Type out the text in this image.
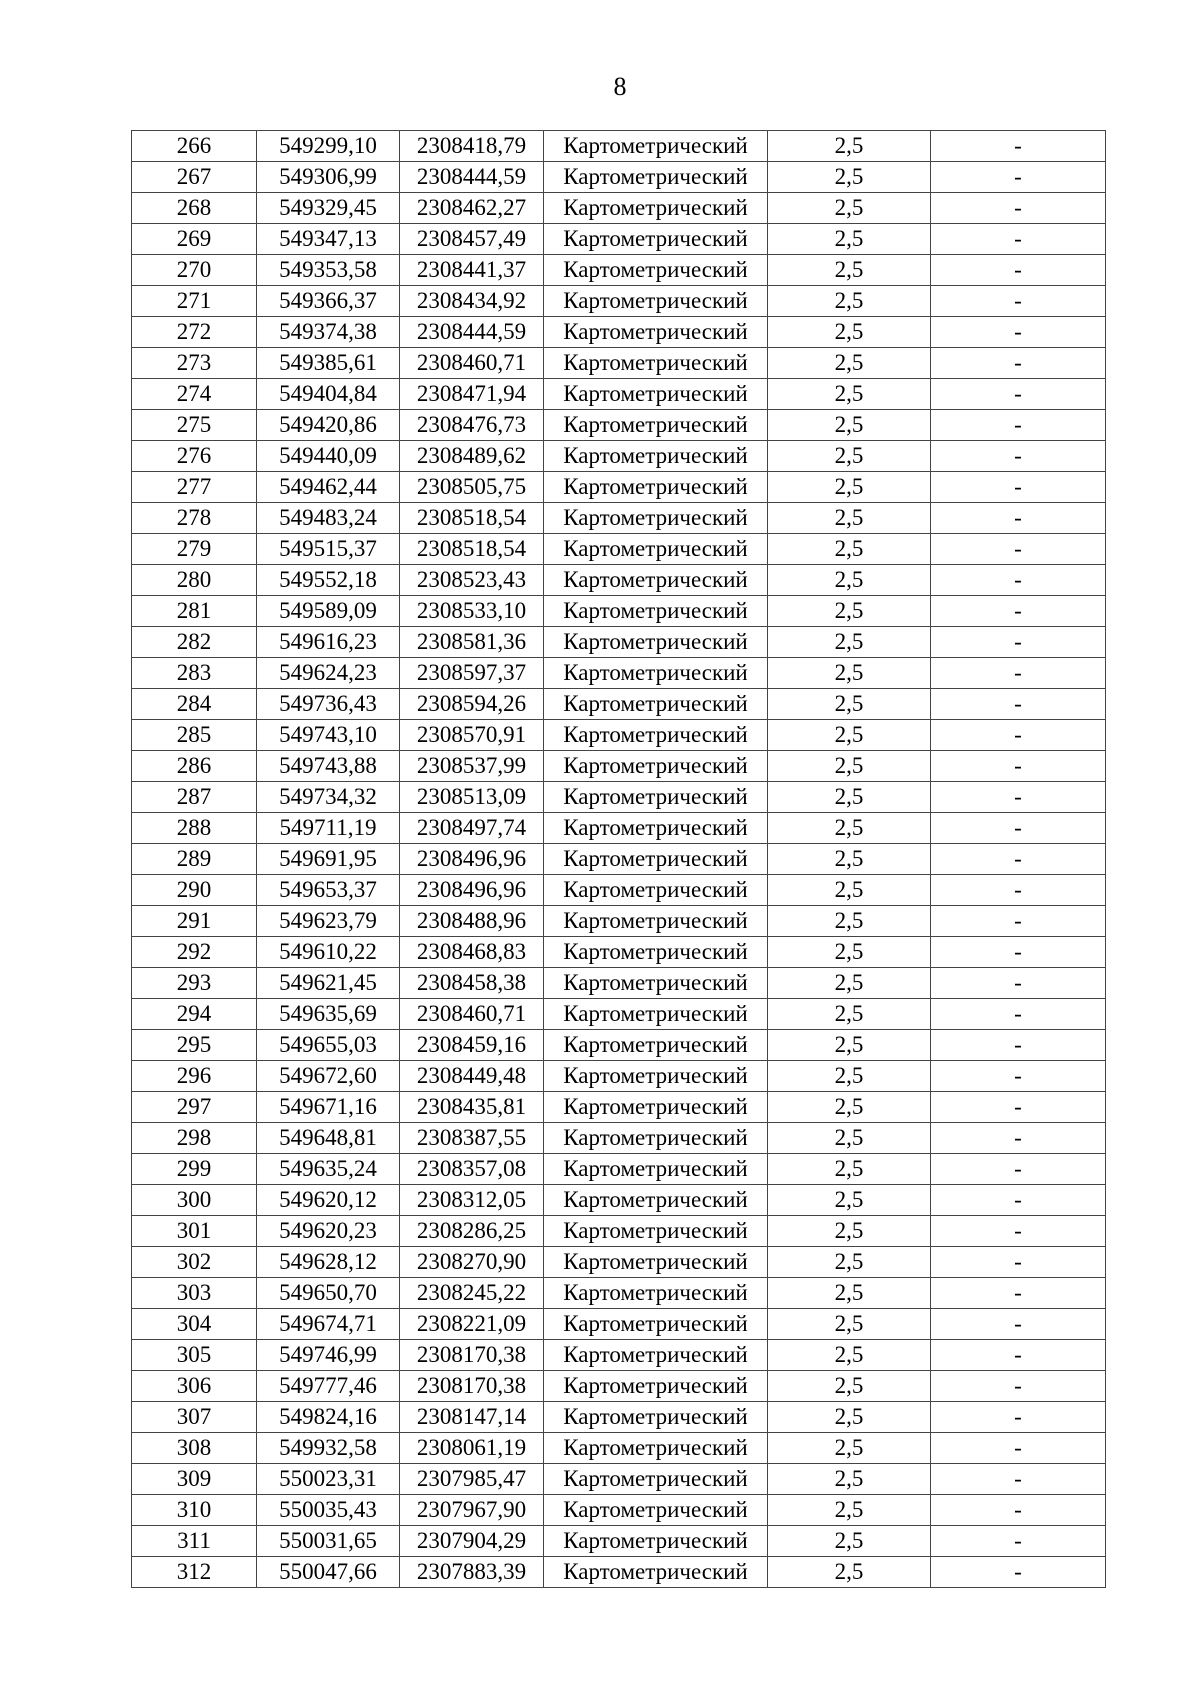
8
266	549299,10	2308418,79	Картометрический	2,5	-
267	549306,99	2308444,59	Картометрический	2,5	-
268	549329,45	2308462,27	Картометрический	2,5	-
269	549347,13	2308457,49	Картометрический	2,5	-
270	549353,58	2308441,37	Картометрический	2,5	-
271	549366,37	2308434,92	Картометрический	2,5	-
272	549374,38	2308444,59	Картометрический	2,5	-
273	549385,61	2308460,71	Картометрический	2,5	-
274	549404,84	2308471,94	Картометрический	2,5	-
275	549420,86	2308476,73	Картометрический	2,5	-
276	549440,09	2308489,62	Картометрический	2,5	-
277	549462,44	2308505,75	Картометрический	2,5	-
278	549483,24	2308518,54	Картометрический	2,5	-
279	549515,37	2308518,54	Картометрический	2,5	-
280	549552,18	2308523,43	Картометрический	2,5	-
281	549589,09	2308533,10	Картометрический	2,5	-
282	549616,23	2308581,36	Картометрический	2,5	-
283	549624,23	2308597,37	Картометрический	2,5	-
284	549736,43	2308594,26	Картометрический	2,5	-
285	549743,10	2308570,91	Картометрический	2,5	-
286	549743,88	2308537,99	Картометрический	2,5	-
287	549734,32	2308513,09	Картометрический	2,5	-
288	549711,19	2308497,74	Картометрический	2,5	-
289	549691,95	2308496,96	Картометрический	2,5	-
290	549653,37	2308496,96	Картометрический	2,5	-
291	549623,79	2308488,96	Картометрический	2,5	-
292	549610,22	2308468,83	Картометрический	2,5	-
293	549621,45	2308458,38	Картометрический	2,5	-
294	549635,69	2308460,71	Картометрический	2,5	-
295	549655,03	2308459,16	Картометрический	2,5	-
296	549672,60	2308449,48	Картометрический	2,5	-
297	549671,16	2308435,81	Картометрический	2,5	-
298	549648,81	2308387,55	Картометрический	2,5	-
299	549635,24	2308357,08	Картометрический	2,5	-
300	549620,12	2308312,05	Картометрический	2,5	-
301	549620,23	2308286,25	Картометрический	2,5	-
302	549628,12	2308270,90	Картометрический	2,5	-
303	549650,70	2308245,22	Картометрический	2,5	-
304	549674,71	2308221,09	Картометрический	2,5	-
305	549746,99	2308170,38	Картометрический	2,5	-
306	549777,46	2308170,38	Картометрический	2,5	-
307	549824,16	2308147,14	Картометрический	2,5	-
308	549932,58	2308061,19	Картометрический	2,5	-
309	550023,31	2307985,47	Картометрический	2,5	-
310	550035,43	2307967,90	Картометрический	2,5	-
311	550031,65	2307904,29	Картометрический	2,5	-
312	550047,66	2307883,39	Картометрический	2,5	-
